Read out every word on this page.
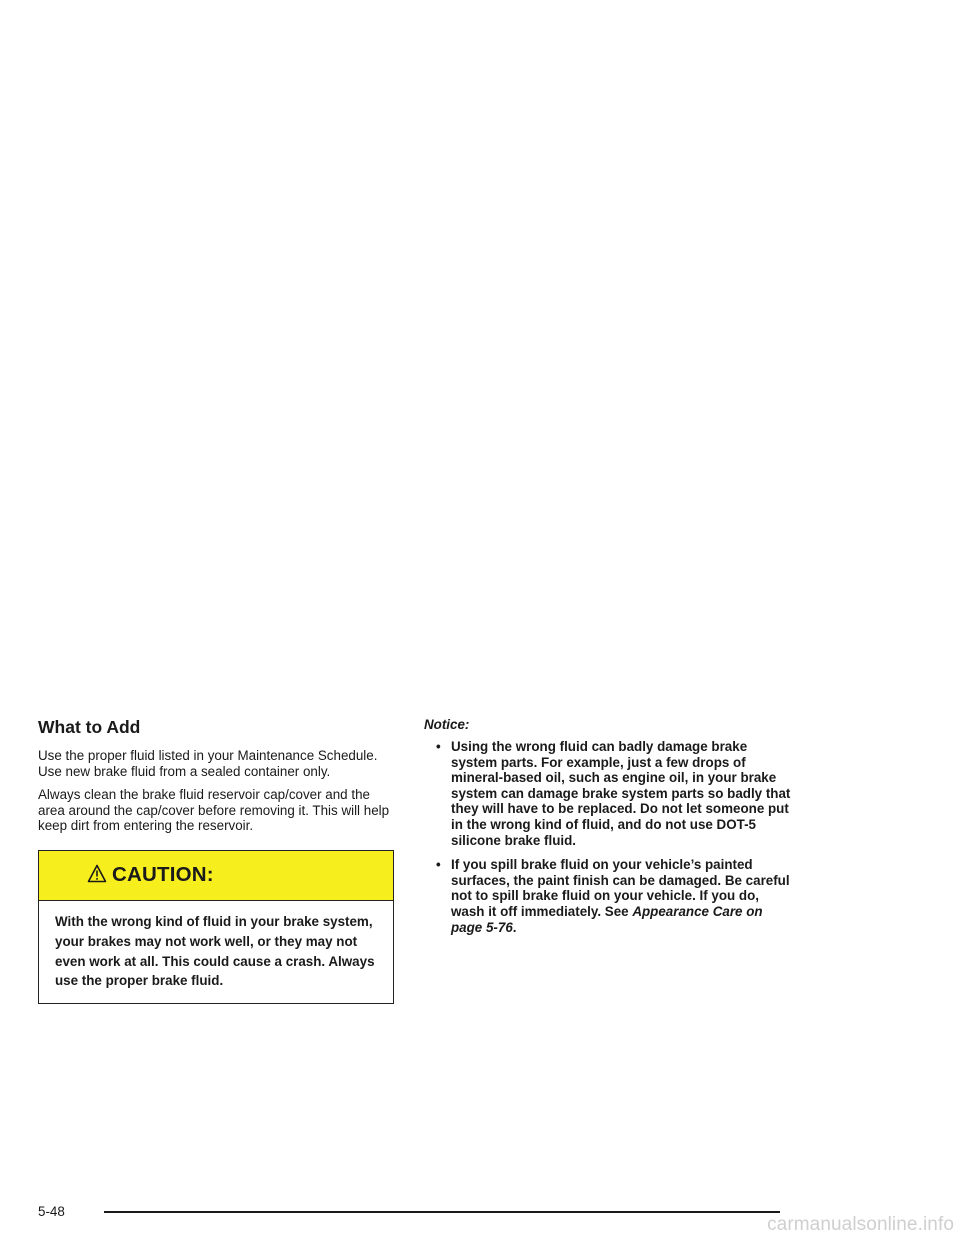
What to Add

Use the proper fluid listed in your Maintenance Schedule. Use new brake fluid from a sealed container only.

Always clean the brake fluid reservoir cap/cover and the area around the cap/cover before removing it. This will help keep dirt from entering the reservoir.

CAUTION:
With the wrong kind of fluid in your brake system, your brakes may not work well, or they may not even work at all. This could cause a crash. Always use the proper brake fluid.
Notice:
• Using the wrong fluid can badly damage brake system parts. For example, just a few drops of mineral-based oil, such as engine oil, in your brake system can damage brake system parts so badly that they will have to be replaced. Do not let someone put in the wrong kind of fluid, and do not use DOT-5 silicone brake fluid.
• If you spill brake fluid on your vehicle’s painted surfaces, the paint finish can be damaged. Be careful not to spill brake fluid on your vehicle. If you do, wash it off immediately. See Appearance Care on page 5-76.
5-48
carmanualsonline.info
